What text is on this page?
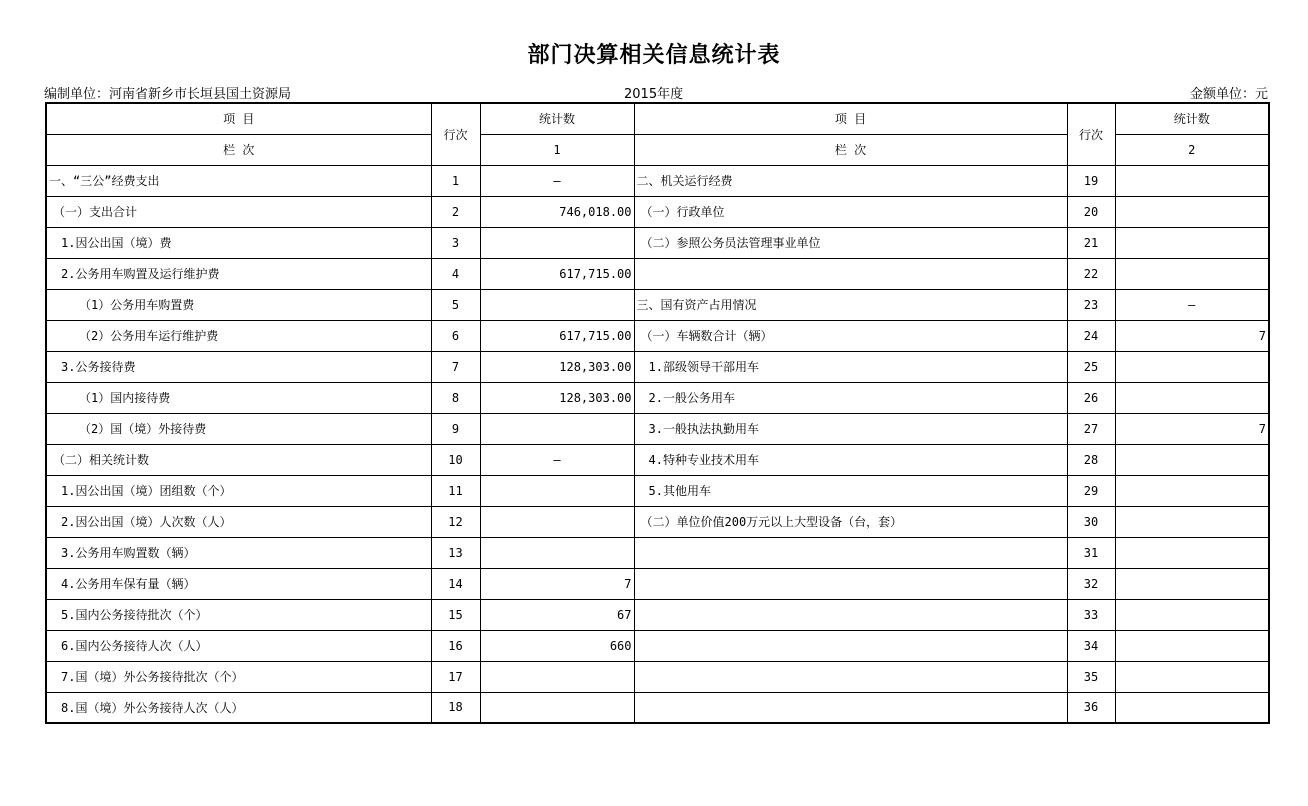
部门决算相关信息统计表
编制单位：河南省新乡市长垣县国土资源局	2015年度	金额单位：元
项 目	行次	统计数	项 目	行次	统计数
栏 次		1	栏 次		2
一、“三公”经费支出	1	—	二、机关运行经费	19	
（一）支出合计	2	746,018.00	（一）行政单位	20	
1.因公出国（境）费	3		（二）参照公务员法管理事业单位	21	
2.公务用车购置及运行维护费	4	617,715.00		22	
（1）公务用车购置费	5		三、国有资产占用情况	23	—
（2）公务用车运行维护费	6	617,715.00	（一）车辆数合计（辆）	24	7
3.公务接待费	7	128,303.00	1.部级领导干部用车	25	
（1）国内接待费	8	128,303.00	2.一般公务用车	26	
（2）国（境）外接待费	9		3.一般执法执勤用车	27	7
（二）相关统计数	10	—	4.特种专业技术用车	28	
1.因公出国（境）团组数（个）	11		5.其他用车	29	
2.因公出国（境）人次数（人）	12		（二）单位价值200万元以上大型设备（台，套）	30	
3.公务用车购置数（辆）	13			31	
4.公务用车保有量（辆）	14	7		32	
5.国内公务接待批次（个）	15	67		33	
6.国内公务接待人次（人）	16	660		34	
7.国（境）外公务接待批次（个）	17			35	
8.国（境）外公务接待人次（人）	18			36	
